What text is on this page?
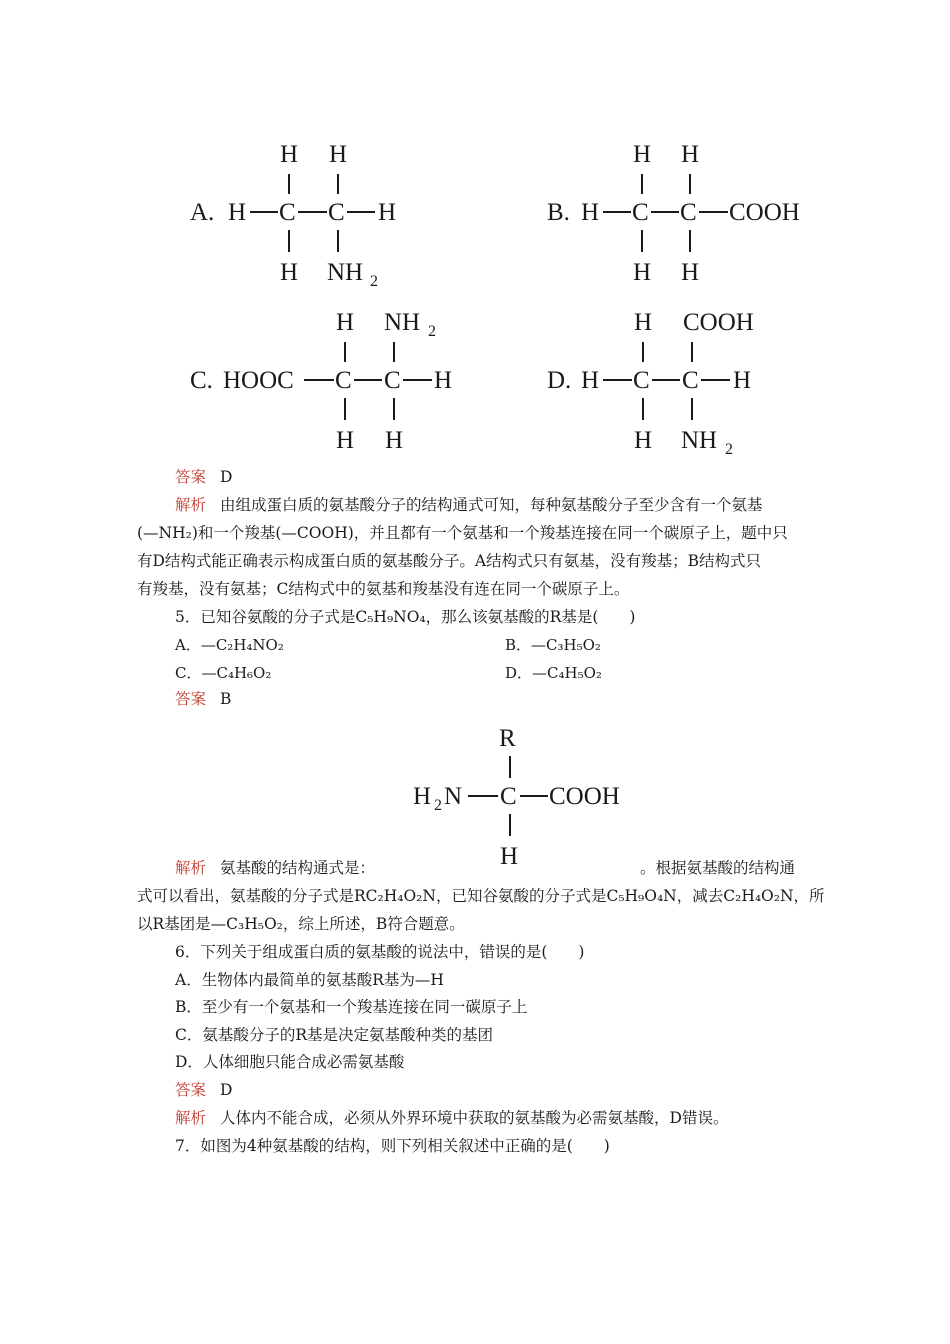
A. H C C H
H H
H NH 2
B. H C C COOH
H H
H H
C. HOOC C C H
H NH 2
H H
D. H C C H
H COOH
H NH 2
答案 D
解析 由组成蛋白质的氨基酸分子的结构通式可知，每种氨基酸分子至少含有一个氨基
(—NH₂)和一个羧基(—COOH)，并且都有一个氨基和一个羧基连接在同一个碳原子上，题中只
有D结构式能正确表示构成蛋白质的氨基酸分子。A结构式只有氨基，没有羧基；B结构式只
有羧基，没有氨基；C结构式中的氨基和羧基没有连在同一个碳原子上。
5．已知谷氨酸的分子式是C₅H₉NO₄，那么该氨基酸的R基是(　　)
A．—C₂H₄NO₂	B．—C₃H₅O₂
C．—C₄H₆O₂	D．—C₄H₅O₂
答案 B
R
H 2 N C COOH
H
解析 氨基酸的结构通式是：	。根据氨基酸的结构通
式可以看出，氨基酸的分子式是RC₂H₄O₂N，已知谷氨酸的分子式是C₅H₉O₄N，减去C₂H₄O₂N，所
以R基团是—C₃H₅O₂，综上所述，B符合题意。
6．下列关于组成蛋白质的氨基酸的说法中，错误的是(　　)
A．生物体内最简单的氨基酸R基为—H
B．至少有一个氨基和一个羧基连接在同一碳原子上
C．氨基酸分子的R基是决定氨基酸种类的基团
D．人体细胞只能合成必需氨基酸
答案 D
解析 人体内不能合成，必须从外界环境中获取的氨基酸为必需氨基酸，D错误。
7．如图为4种氨基酸的结构，则下列相关叙述中正确的是(　　)
